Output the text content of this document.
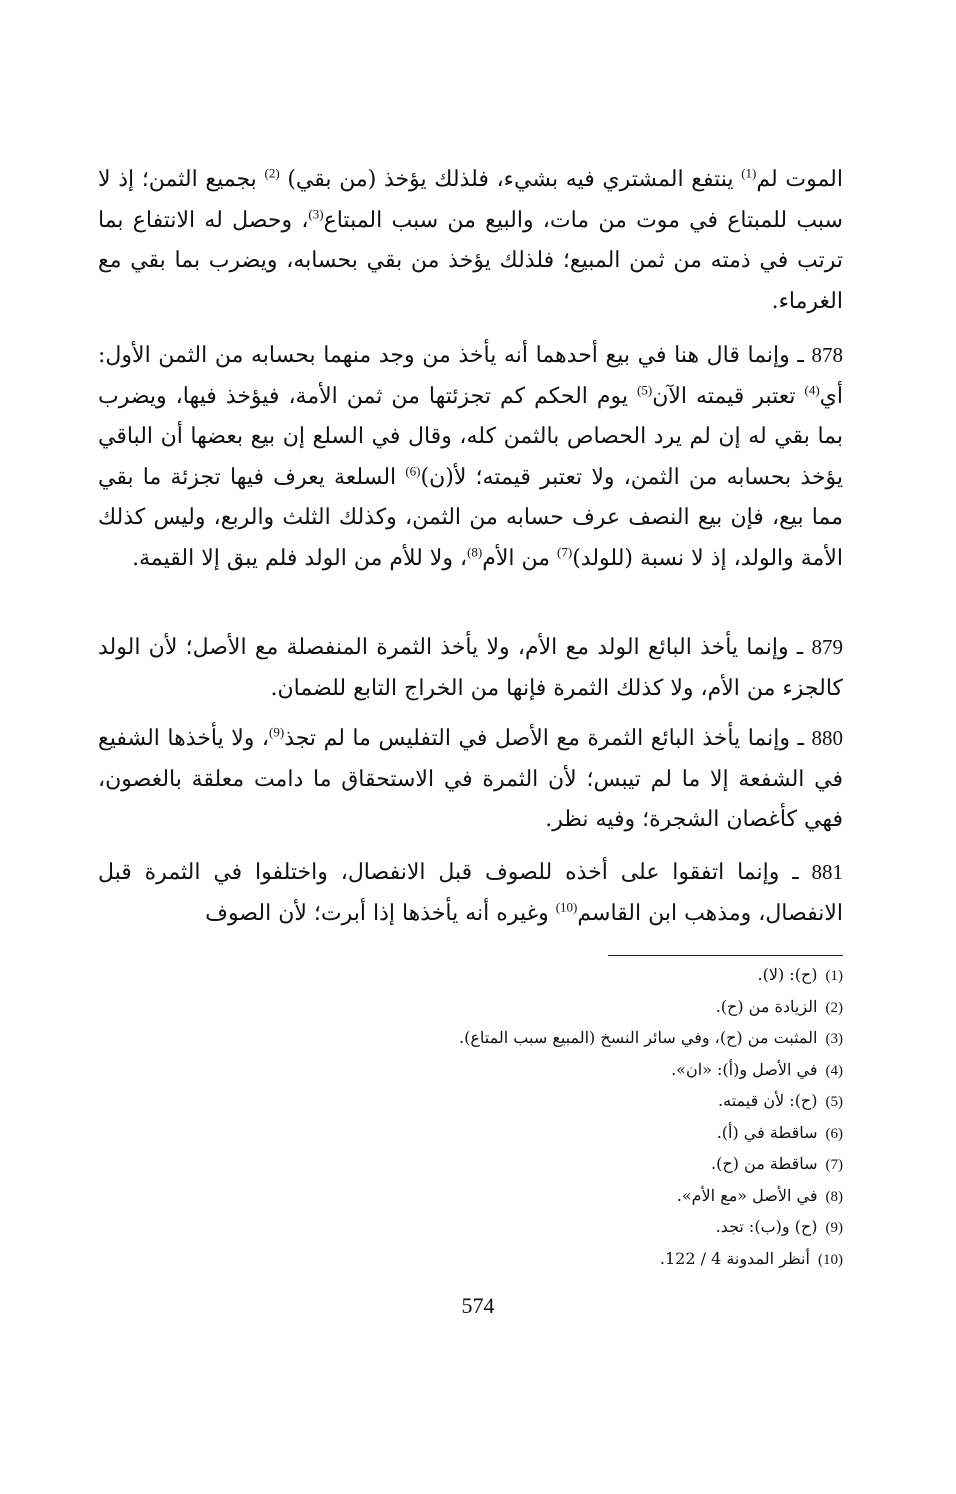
الموت لم$^{(1)}$ ينتفع المشتري فيه بشيء، فلذلك يؤخذ (من بقي) $^{(2)}$ بجميع الثمن؛ إذ لا سبب للمبتاع في موت من مات، والبيع من سبب المبتاع$^{(3)}$، وحصل له الانتفاع بما ترتب في ذمته من ثمن المبيع؛ فلذلك يؤخذ من بقي بحسابه، ويضرب بما بقي مع الغرماء.

878 ـ وإنما قال هنا في بيع أحدهما أنه يأخذ من وجد منهما بحسابه من الثمن الأول: أي$^{(4)}$ تعتبر قيمته الآن$^{(5)}$ يوم الحكم كم تجزئتها من ثمن الأمة، فيؤخذ فيها، ويضرب بما بقي له إن لم يرد الحصاص بالثمن كله، وقال في السلع إن بيع بعضها أن الباقي يؤخذ بحسابه من الثمن، ولا تعتبر قيمته؛ لأ(ن)$^{(6)}$ السلعة يعرف فيها تجزئة ما بقي مما بيع، فإن بيع النصف عرف حسابه من الثمن، وكذلك الثلث والربع، وليس كذلك الأمة والولد، إذ لا نسبة (للولد)$^{(7)}$ من الأم$^{(8)}$، ولا للأم من الولد فلم يبق إلا القيمة.
879 ـ وإنما يأخذ البائع الولد مع الأم، ولا يأخذ الثمرة المنفصلة مع الأصل؛ لأن الولد كالجزء من الأم، ولا كذلك الثمرة فإنها من الخراج التابع للضمان.
880 ـ وإنما يأخذ البائع الثمرة مع الأصل في التفليس ما لم تجذ$^{(9)}$، ولا يأخذها الشفيع في الشفعة إلا ما لم تيبس؛ لأن الثمرة في الاستحقاق ما دامت معلقة بالغصون، فهي كأغصان الشجرة؛ وفيه نظر.
881 ـ وإنما اتفقوا على أخذه للصوف قبل الانفصال، واختلفوا في الثمرة قبل الانفصال، ومذهب ابن القاسم$^{(10)}$ وغيره أنه يأخذها إذا أبرت؛ لأن الصوف
(1)(ح): (لا).
(2)الزيادة من (ح).
(3)المثبت من (ح)، وفي سائر النسخ (المبيع سبب المتاع).
(4)في الأصل و(أ): «ان».
(5)(ح): لأن قيمته.
(6)ساقطة في (أ).
(7)ساقطة من (ح).
(8)في الأصل «مع الأم».
(9)(ح) و(ب): تجد.
(10)أنظر المدونة 4 / 122.
574
